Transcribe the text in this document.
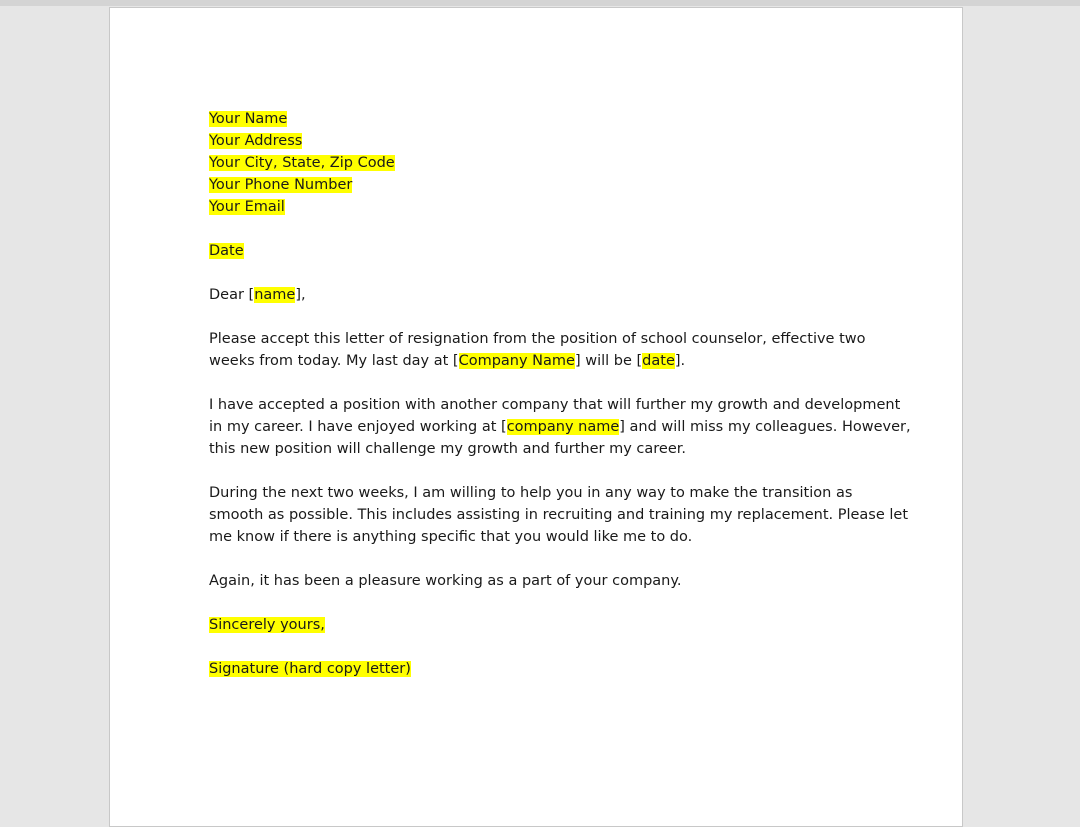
Your Name
Your Address
Your City, State, Zip Code
Your Phone Number
Your Email
Date
Dear [name],
Please accept this letter of resignation from the position of school counselor, effective two
weeks from today. My last day at [Company Name] will be [date].
I have accepted a position with another company that will further my growth and development
in my career. I have enjoyed working at [company name] and will miss my colleagues. However,
this new position will challenge my growth and further my career.
During the next two weeks, I am willing to help you in any way to make the transition as
smooth as possible. This includes assisting in recruiting and training my replacement. Please let
me know if there is anything specific that you would like me to do.
Again, it has been a pleasure working as a part of your company.
Sincerely yours,
Signature (hard copy letter)
